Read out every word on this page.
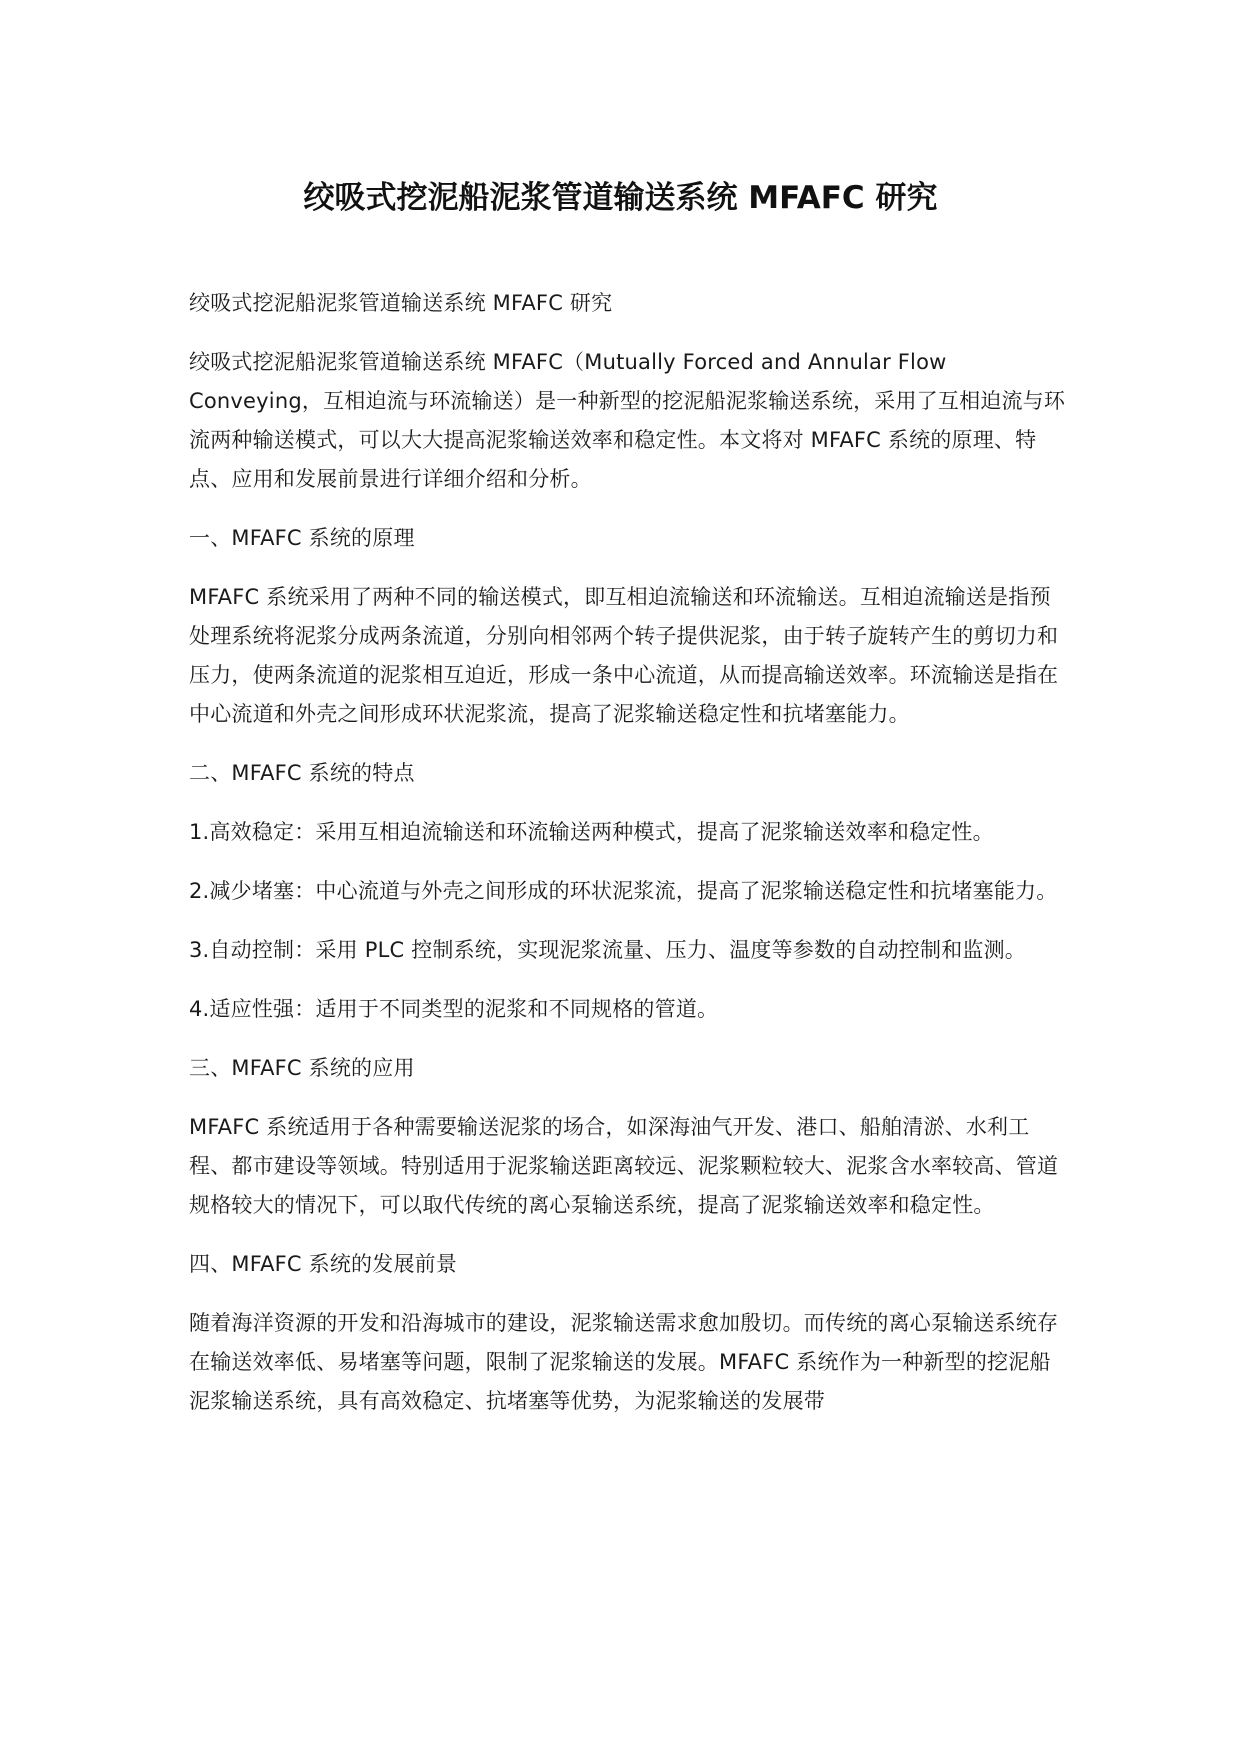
绞吸式挖泥船泥浆管道输送系统 MFAFC 研究

绞吸式挖泥船泥浆管道输送系统 MFAFC 研究

绞吸式挖泥船泥浆管道输送系统 MFAFC（Mutually Forced and Annular Flow Conveying，互相迫流与环流输送）是一种新型的挖泥船泥浆输送系统，采用了互相迫流与环流两种输送模式，可以大大提高泥浆输送效率和稳定性。本文将对 MFAFC 系统的原理、特点、应用和发展前景进行详细介绍和分析。

一、MFAFC 系统的原理

MFAFC 系统采用了两种不同的输送模式，即互相迫流输送和环流输送。互相迫流输送是指预处理系统将泥浆分成两条流道，分别向相邻两个转子提供泥浆，由于转子旋转产生的剪切力和压力，使两条流道的泥浆相互迫近，形成一条中心流道，从而提高输送效率。环流输送是指在中心流道和外壳之间形成环状泥浆流，提高了泥浆输送稳定性和抗堵塞能力。

二、MFAFC 系统的特点

1.高效稳定：采用互相迫流输送和环流输送两种模式，提高了泥浆输送效率和稳定性。

2.减少堵塞：中心流道与外壳之间形成的环状泥浆流，提高了泥浆输送稳定性和抗堵塞能力。

3.自动控制：采用 PLC 控制系统，实现泥浆流量、压力、温度等参数的自动控制和监测。

4.适应性强：适用于不同类型的泥浆和不同规格的管道。

三、MFAFC 系统的应用

MFAFC 系统适用于各种需要输送泥浆的场合，如深海油气开发、港口、船舶清淤、水利工程、都市建设等领域。特别适用于泥浆输送距离较远、泥浆颗粒较大、泥浆含水率较高、管道规格较大的情况下，可以取代传统的离心泵输送系统，提高了泥浆输送效率和稳定性。

四、MFAFC 系统的发展前景

随着海洋资源的开发和沿海城市的建设，泥浆输送需求愈加殷切。而传统的离心泵输送系统存在输送效率低、易堵塞等问题，限制了泥浆输送的发展。MFAFC 系统作为一种新型的挖泥船泥浆输送系统，具有高效稳定、抗堵塞等优势，为泥浆输送的发展带
